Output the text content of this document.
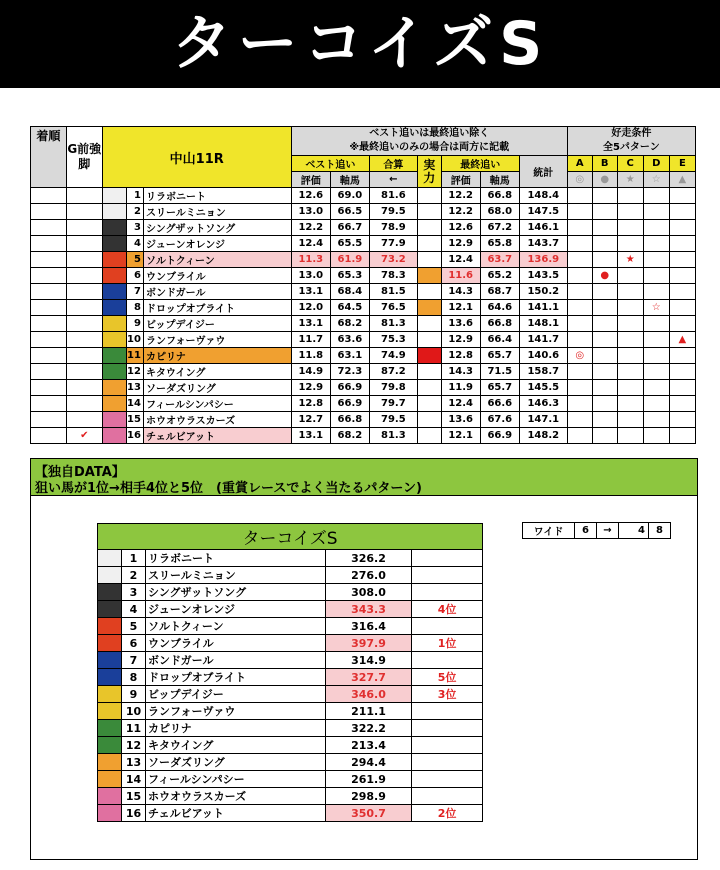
ターコイズS
着順	G前強脚	中山11R			ベスト追いは最終追い除く
※最終追いのみの場合は両方に記載							好走条件
全5パターン				
					ベスト追い		合算	実力	最終追い		統計	A	B	C	D	E
					評価	軸馬	←		評価	軸馬		◎	●	★	☆	▲
			1	リラボニート	12.6	69.0	81.6		12.2	66.8	148.4					
			2	スリールミニョン	13.0	66.5	79.5		12.2	68.0	147.5					
			3	シングザットソング	12.2	66.7	78.9		12.6	67.2	146.1					
			4	ジューンオレンジ	12.4	65.5	77.9		12.9	65.8	143.7					
			5	ソルトクィーン	11.3	61.9	73.2		12.4	63.7	136.9			★		
			6	ウンブライル	13.0	65.3	78.3		11.6	65.2	143.5		●			
			7	ボンドガール	13.1	68.4	81.5		14.3	68.7	150.2					
			8	ドロップオブライト	12.0	64.5	76.5		12.1	64.6	141.1				☆	
			9	ビップデイジー	13.1	68.2	81.3		13.6	66.8	148.1					
			10	ランフォーヴァウ	11.7	63.6	75.3		12.9	66.4	141.7					▲
			11	カピリナ	11.8	63.1	74.9		12.8	65.7	140.6	◎				
			12	キタウイング	14.9	72.3	87.2		14.3	71.5	158.7					
			13	ソーダズリング	12.9	66.9	79.8		11.9	65.7	145.5					
			14	フィールシンパシー	12.8	66.9	79.7		12.4	66.6	146.3					
			15	ホウオウラスカーズ	12.7	66.8	79.5		13.6	67.6	147.1					
	✔		16	チェルビアット	13.1	68.2	81.3		12.1	66.9	148.2					
【独自DATA】
狙い馬が1位→相手4位と5位　(重賞レースでよく当たるパターン)
ワイド	6	→	4	8
ターコイズS				
	1	リラボニート	326.2	
	2	スリールミニョン	276.0	
	3	シングザットソング	308.0	
	4	ジューンオレンジ	343.3	4位
	5	ソルトクィーン	316.4	
	6	ウンブライル	397.9	1位
	7	ボンドガール	314.9	
	8	ドロップオブライト	327.7	5位
	9	ビップデイジー	346.0	3位
	10	ランフォーヴァウ	211.1	
	11	カピリナ	322.2	
	12	キタウイング	213.4	
	13	ソーダズリング	294.4	
	14	フィールシンパシー	261.9	
	15	ホウオウラスカーズ	298.9	
	16	チェルビアット	350.7	2位
